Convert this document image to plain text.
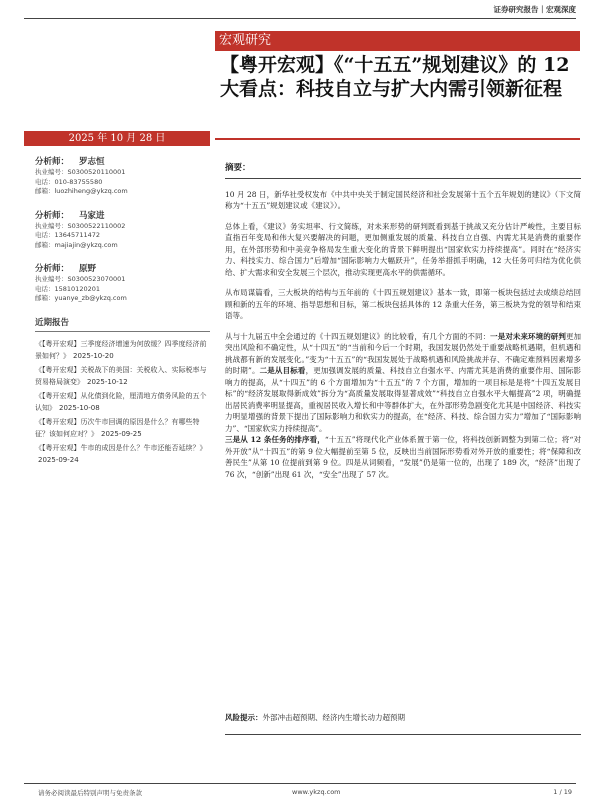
证券研究报告｜宏观深度
宏观研究
【粤开宏观】《“十五五”规划建议》的 12 大看点：科技自立与扩大内需引领新征程
2025 年 10 月 28 日
分析师： 罗志恒
执业编号：S0300520110001
电话：010-83755580
邮箱：luozhiheng@ykzq.com
分析师： 马家进
执业编号：S0300522110002
电话：13645711472
邮箱：majiajin@ykzq.com
分析师： 原野
执业编号：S0300523070001
电话：15810120201
邮箱：yuanye_zb@ykzq.com
近期报告
《【粤开宏观】三季度经济增速为何放缓？四季度经济前景如何？》 2025-10-20
《【粤开宏观】关税战下的美国：关税收入、实际税率与贸易格局演变》 2025-10-12
《【粤开宏观】从化债到化险，厘清地方债务风险的五个认知》 2025-10-08
《【粤开宏观】历次牛市回调的原因是什么？有哪些特征？该如何应对？》 2025-09-25
《【粤开宏观】牛市的成因是什么？牛市还能否延续？》2025-09-24
摘要：

10 月 28 日，新华社受权发布《中共中央关于制定国民经济和社会发展第十五个五年规划的建议》（下文简称为“十五五”规划建议或《建议》）。

总体上看，《建议》务实坦率、行文简练，对未来形势的研判既看到基于挑战又充分估计严峻性，主要目标直指百年变局和伟大复兴要解决的问题，更加侧重发展的质量、科技自立自强、内需尤其是消费的重要作用，在外部形势和中美竞争格局发生重大变化的背景下鲜明提出“国家软实力持续提高”。同时在“经济实力、科技实力、综合国力”后增加“国际影响力大幅跃升”，任务举措抓手明确，12 大任务可归结为优化供给、扩大需求和安全发展三个层次，推动实现更高水平的供需循环。

从布局谋篇看，三大板块的结构与五年前的《十四五规划建议》基本一致，即第一板块包括过去成绩总结回顾和新的五年的环境、指导思想和目标，第二板块包括具体的 12 条重大任务，第三板块为党的领导和结束语等。

从与十九届五中全会通过的《十四五规划建议》的比较看，有几个方面的不同：一是对未来环境的研判更加突出风险和不确定性，从“十四五”的“当前和今后一个时期，我国发展仍然处于重要战略机遇期，但机遇和挑战都有新的发展变化。”变为“十五五”的“我国发展处于战略机遇和风险挑战并存、不确定难预料因素增多的时期”。二是从目标看，更加强调发展的质量、科技自立自强水平、内需尤其是消费的重要作用、国际影响力的提高，从“十四五”的 6 个方面增加为“十五五”的 7 个方面，增加的一项目标是是将“十四五发展目标”的“经济发展取得新成效”拆分为“高质量发展取得显著成效”“科技自立自强水平大幅提高”2 项，明确提出居民消费率明显提高，重视居民收入增长和中等群体扩大，在外部形势急剧变化尤其是中国经济、科技实力明显增强的背景下提出了国际影响力和软实力的提高，在“经济、科技、综合国力实力”增加了“国际影响力”、“国家软实力持续提高”。
三是从 12 条任务的排序看，“十五五”将现代化产业体系置于第一位，将科技创新调整为到第二位；将“对外开放”从“十四五”的第 9 位大幅提前至第 5 位，反映出当前国际形势看对外开放的重要性；将“保障和改善民生”从第 10 位提前到第 9 位。四是从词频看，“发展”仍是第一位的，出现了 189 次，“经济”出现了 76 次，“创新”出现 61 次，“安全”出现了 57 次。

风险提示：外部冲击超预期、经济内生增长动力超预期
请务必阅读最后特别声明与免责条款	www.ykzq.com	1 / 19
